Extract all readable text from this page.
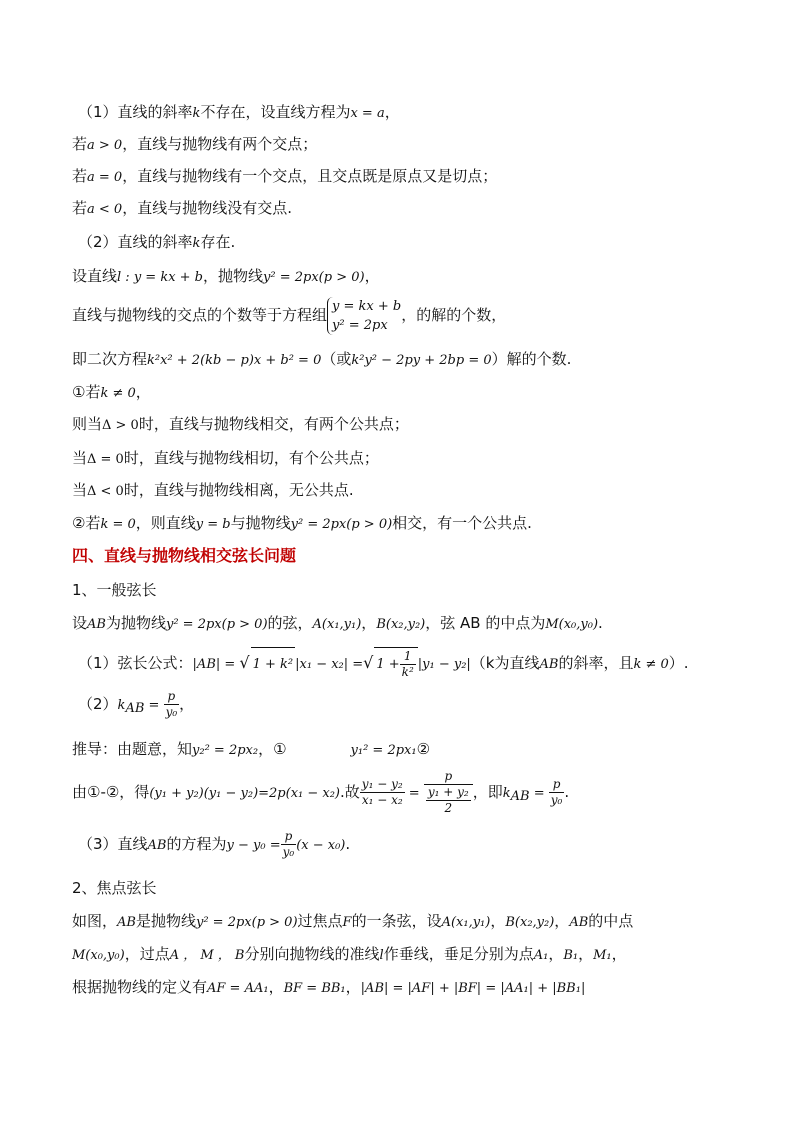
（1）直线的斜率k不存在，设直线方程为x = a，
若a > 0，直线与抛物线有两个交点；
若a = 0，直线与抛物线有一个交点，且交点既是原点又是切点；
若a < 0，直线与抛物线没有交点.
（2）直线的斜率k存在.
设直线l : y = kx + b，抛物线y² = 2px(p > 0)，
直线与抛物线的交点的个数等于方程组 y = kx + b
y² = 2px
，的解的个数，
即二次方程k²x² + 2(kb − p)x + b² = 0（或k²y² − 2py + 2bp = 0）解的个数.
①若k ≠ 0，
则当Δ > 0时，直线与抛物线相交，有两个公共点；
当Δ = 0时，直线与抛物线相切，有个公共点；
当Δ < 0时，直线与抛物线相离，无公共点.
②若k = 0，则直线y = b与抛物线y² = 2px(p > 0)相交，有一个公共点.
四、直线与抛物线相交弦长问题
1、一般弦长
设AB为抛物线y² = 2px(p > 0)的弦，A(x₁,y₁)，B(x₂,y₂)，弦 AB 的中点为M(x₀,y₀).
（1）弦长公式：|AB| = √ 1 + k² |x₁ − x₂| =√ $1 + \frac{1}{\text{k²}} |y_1 - y_2|(k$为直线AB的斜率，且k ≠ 0）.
$(2)k_{AB} = \frac{p}{\text{y₀}}$ ，
推导：由题意，知y₂² = 2px₂，①	y₁² = 2px₁②
由①-②，得(y₁ + y₂)(y₁ − y₂)=2p(x₁ − x₂).故 $\frac{\text{y₁ − y₂}}{\text{x₁ − x₂}} = \frac{p}{\frac{\text{y₁ + y₂}}{2}}$ ，即$k_{AB} = \frac{p}{\text{y₀}}$ .
（3）直线AB的方程为$y - y_0 = \frac{p}{\text{y₀}} (x - x_0)$.
2、焦点弦长
如图，AB是抛物线y² = 2px(p > 0)过焦点F的一条弦，设A(x₁,y₁)，B(x₂,y₂)，AB的中点
M(x₀,y₀)，过点A ， M ， B分别向抛物线的准线l作垂线，垂足分别为点A₁，B₁，M₁，
根据抛物线的定义有AF = AA₁，BF = BB₁，|AB| = |AF| + |BF| = |AA₁| + |BB₁|
